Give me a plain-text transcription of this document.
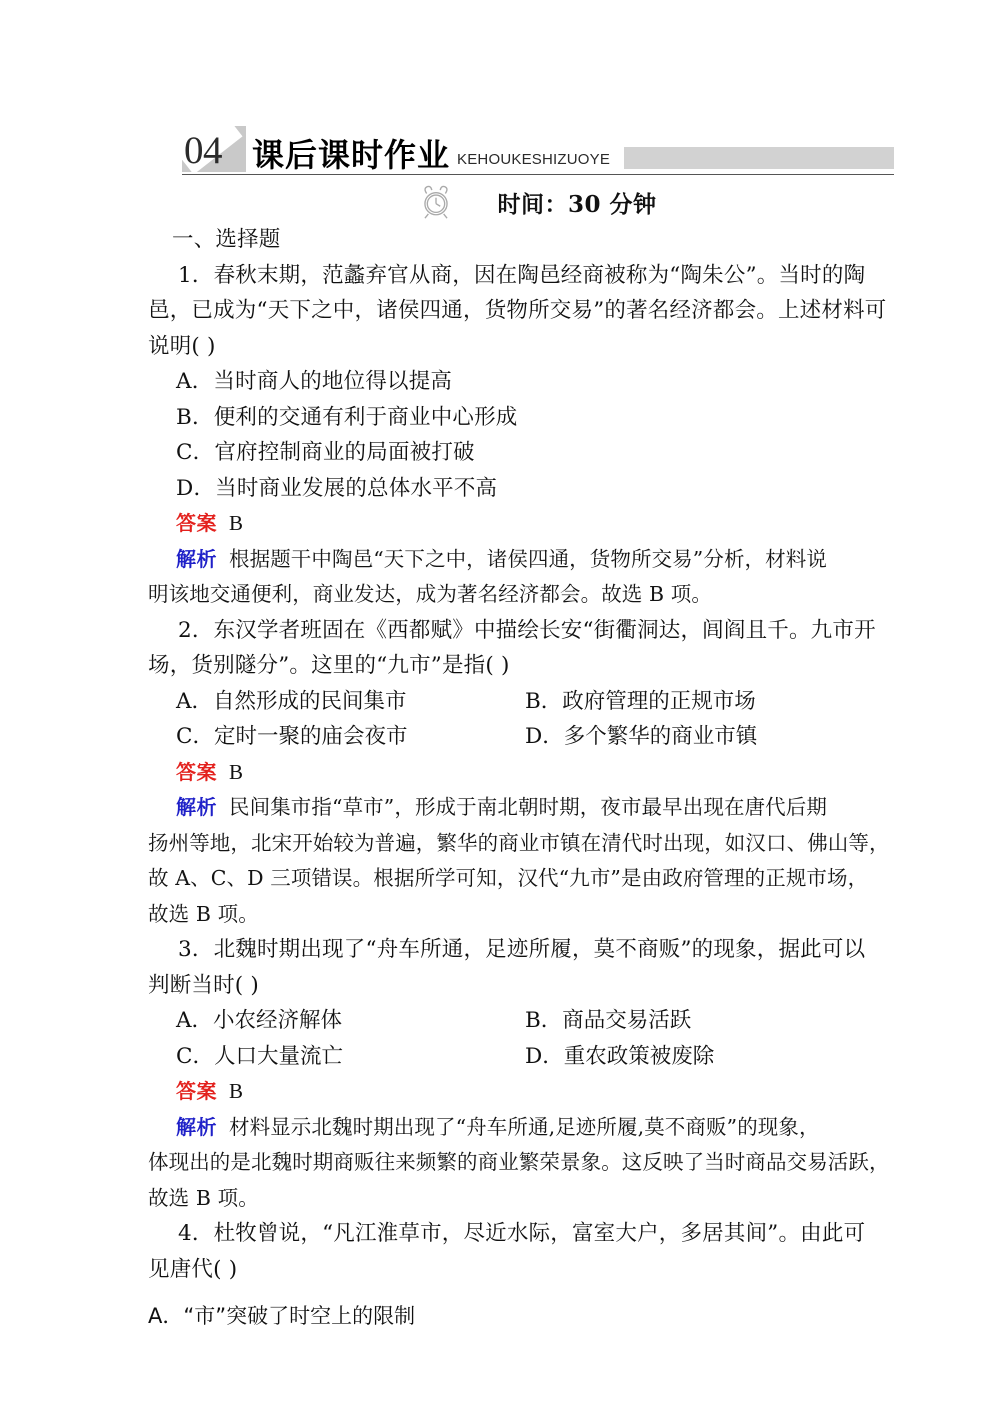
04 课后课时作业 KEHOUKESHIZUOYE
时间：30 分钟
一、选择题
1．春秋末期，范蠡弃官从商，因在陶邑经商被称为“陶朱公”。当时的陶
邑，已成为“天下之中，诸侯四通，货物所交易”的著名经济都会。上述材料可
说明( )
A．当时商人的地位得以提高
B．便利的交通有利于商业中心形成
C．官府控制商业的局面被打破
D．当时商业发展的总体水平不高
答案 B
解析 根据题干中陶邑“天下之中，诸侯四通，货物所交易”分析，材料说
明该地交通便利，商业发达，成为著名经济都会。故选 B 项。
2．东汉学者班固在《西都赋》中描绘长安“街衢洞达，闾阎且千。九市开
场，货别隧分”。这里的“九市”是指( )
A．自然形成的民间集市	B．政府管理的正规市场
C．定时一聚的庙会夜市	D．多个繁华的商业市镇
答案 B
解析 民间集市指“草市”，形成于南北朝时期，夜市最早出现在唐代后期
扬州等地，北宋开始较为普遍，繁华的商业市镇在清代时出现，如汉口、佛山等，
故 A、C、D 三项错误。根据所学可知，汉代“九市”是由政府管理的正规市场，
故选 B 项。
3．北魏时期出现了“舟车所通，足迹所履，莫不商贩”的现象，据此可以
判断当时( )
A．小农经济解体	B．商品交易活跃
C．人口大量流亡	D．重农政策被废除
答案 B
解析 材料显示北魏时期出现了“舟车所通,足迹所履,莫不商贩”的现象，
体现出的是北魏时期商贩往来频繁的商业繁荣景象。这反映了当时商品交易活跃，
故选 B 项。
4．杜牧曾说，“凡江淮草市，尽近水际，富室大户，多居其间”。由此可
见唐代( )
A．“市”突破了时空上的限制
